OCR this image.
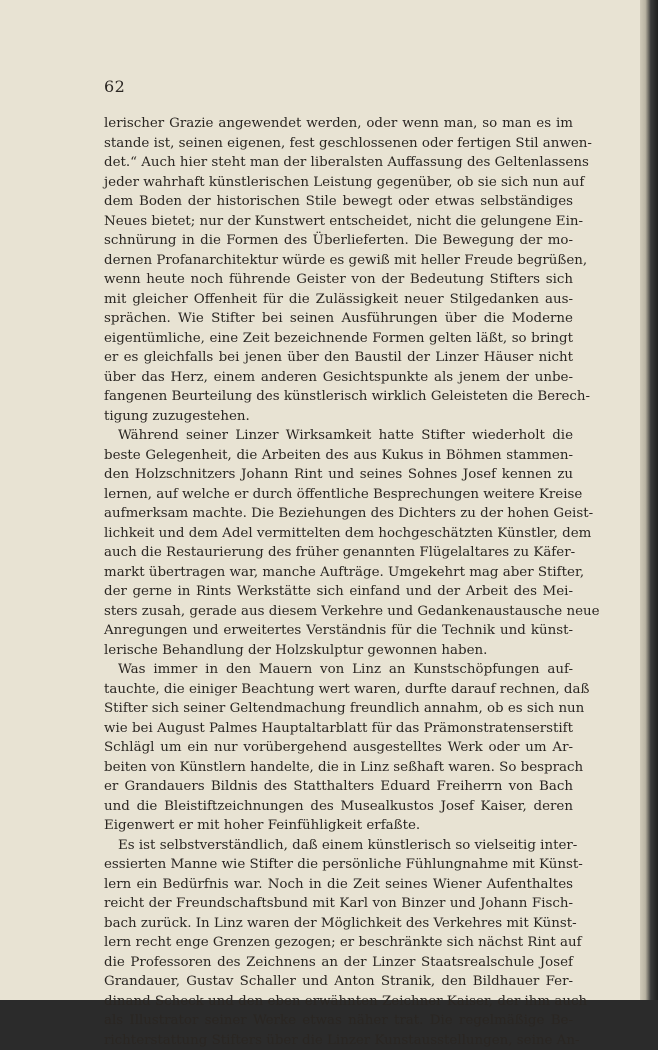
62
lerischer Grazie angewendet werden, oder wenn man, so man es im
stande ist, seinen eigenen, fest geschlossenen oder fertigen Stil anwen-
det.“ Auch hier steht man der liberalsten Auffassung des Geltenlassens
jeder wahrhaft künstlerischen Leistung gegenüber, ob sie sich nun auf
dem Boden der historischen Stile bewegt oder etwas selbständiges
Neues bietet; nur der Kunstwert entscheidet, nicht die gelungene Ein-
schnürung in die Formen des Überlieferten. Die Bewegung der mo-
dernen Profanarchitektur würde es gewiß mit heller Freude begrüßen,
wenn heute noch führende Geister von der Bedeutung Stifters sich
mit gleicher Offenheit für die Zulässigkeit neuer Stilgedanken aus-
sprächen. Wie Stifter bei seinen Ausführungen über die Moderne
eigentümliche, eine Zeit bezeichnende Formen gelten läßt, so bringt
er es gleichfalls bei jenen über den Baustil der Linzer Häuser nicht
über das Herz, einem anderen Gesichtspunkte als jenem der unbe-
fangenen Beurteilung des künstlerisch wirklich Geleisteten die Berech-
tigung zuzugestehen.
Während seiner Linzer Wirksamkeit hatte Stifter wiederholt die
beste Gelegenheit, die Arbeiten des aus Kukus in Böhmen stammen-
den Holzschnitzers Johann Rint und seines Sohnes Josef kennen zu
lernen, auf welche er durch öffentliche Besprechungen weitere Kreise
aufmerksam machte. Die Beziehungen des Dichters zu der hohen Geist-
lichkeit und dem Adel vermittelten dem hochgeschätzten Künstler, dem
auch die Restaurierung des früher genannten Flügelaltares zu Käfer-
markt übertragen war, manche Aufträge. Umgekehrt mag aber Stifter,
der gerne in Rints Werkstätte sich einfand und der Arbeit des Mei-
sters zusah, gerade aus diesem Verkehre und Gedankenaustausche neue
Anregungen und erweitertes Verständnis für die Technik und künst-
lerische Behandlung der Holzskulptur gewonnen haben.
Was immer in den Mauern von Linz an Kunstschöpfungen auf-
tauchte, die einiger Beachtung wert waren, durfte darauf rechnen, daß
Stifter sich seiner Geltendmachung freundlich annahm, ob es sich nun
wie bei August Palmes Hauptaltarblatt für das Prämonstratenserstift
Schlägl um ein nur vorübergehend ausgestelltes Werk oder um Ar-
beiten von Künstlern handelte, die in Linz seßhaft waren. So besprach
er Grandauers Bildnis des Statthalters Eduard Freiherrn von Bach
und die Bleistiftzeichnungen des Musealkustos Josef Kaiser, deren
Eigenwert er mit hoher Feinfühligkeit erfaßte.
Es ist selbstverständlich, daß einem künstlerisch so vielseitig inter-
essierten Manne wie Stifter die persönliche Fühlungnahme mit Künst-
lern ein Bedürfnis war. Noch in die Zeit seines Wiener Aufenthaltes
reicht der Freundschaftsbund mit Karl von Binzer und Johann Fisch-
bach zurück. In Linz waren der Möglichkeit des Verkehres mit Künst-
lern recht enge Grenzen gezogen; er beschränkte sich nächst Rint auf
die Professoren des Zeichnens an der Linzer Staatsrealschule Josef
Grandauer, Gustav Schaller und Anton Stranik, den Bildhauer Fer-
dinand Scheck und den eben erwähnten Zeichner Kaiser, der ihm auch
als Illustrator seiner Werke etwas näher trat. Die regelmäßige Be-
richterstattung Stifters über die Linzer Kunstausstellungen, seine An-
